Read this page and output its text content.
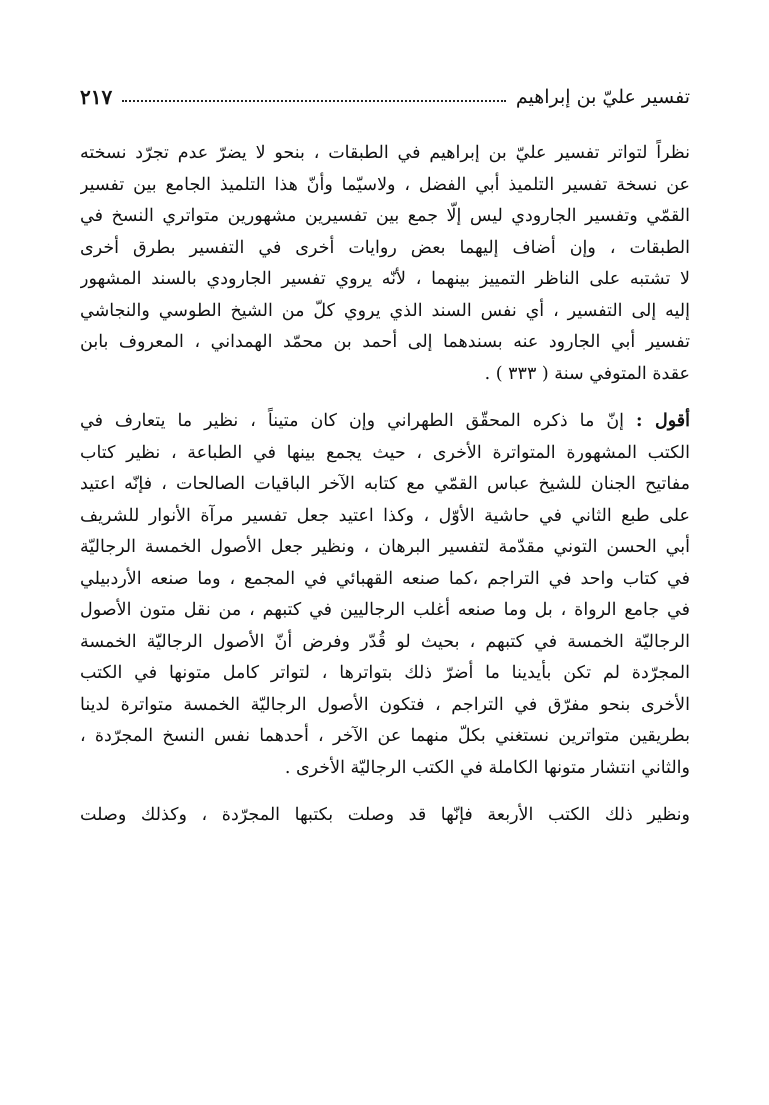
تفسير عليّ بن إبراهيم
٢١٧
نظراً لتواتر تفسير عليّ بن إبراهيم في الطبقات ، بنحو لا يضرّ عدم تجرّد نسخته
عن نسخة تفسير التلميذ أبي الفضل ، ولاسيّما وأنّ هذا التلميذ الجامع بين تفسير
القمّي وتفسير الجارودي ليس إلّا جمع بين تفسيرين مشهورين متواتري النسخ في
الطبقات ، وإن أضاف إليهما بعض روايات أخرى في التفسير بطرق أخرى
لا تشتبه على الناظر التمييز بينهما ، لأنّه يروي تفسير الجارودي بالسند المشهور
إليه إلى التفسير ، أي نفس السند الذي يروي كلّ من الشيخ الطوسي والنجاشي
تفسير أبي الجارود عنه بسندهما إلى أحمد بن محمّد الهمداني ، المعروف بابن
عقدة المتوفي سنة ( ٣٣٣ ) .
أقول : إنّ ما ذكره المحقّق الطهراني وإن كان متيناً ، نظير ما يتعارف في
الكتب المشهورة المتواترة الأخرى ، حيث يجمع بينها في الطباعة ، نظير كتاب
مفاتيح الجنان للشيخ عباس القمّي مع كتابه الآخر الباقيات الصالحات ، فإنّه اعتيد
على طبع الثاني في حاشية الأوّل ، وكذا اعتيد جعل تفسير مرآة الأنوار للشريف
أبي الحسن التوني مقدّمة لتفسير البرهان ، ونظير جعل الأصول الخمسة الرجاليّة
في كتاب واحد في التراجم ،كما صنعه القهبائي في المجمع ، وما صنعه الأردبيلي
في جامع الرواة ، بل وما صنعه أغلب الرجاليين في كتبهم ، من نقل متون الأصول
الرجاليّة الخمسة في كتبهم ، بحيث لو قُدّر وفرض أنّ الأصول الرجاليّة الخمسة
المجرّدة لم تكن بأيدينا ما أضرّ ذلك بتواترها ، لتواتر كامل متونها في الكتب
الأخرى بنحو مفرّق في التراجم ، فتكون الأصول الرجاليّة الخمسة متواترة لدينا
بطريقين متواترين نستغني بكلّ منهما عن الآخر ، أحدهما نفس النسخ المجرّدة ،
والثاني انتشار متونها الكاملة في الكتب الرجاليّة الأخرى .
ونظير ذلك الكتب الأربعة فإنّها قد وصلت بكتبها المجرّدة ، وكذلك وصلت
